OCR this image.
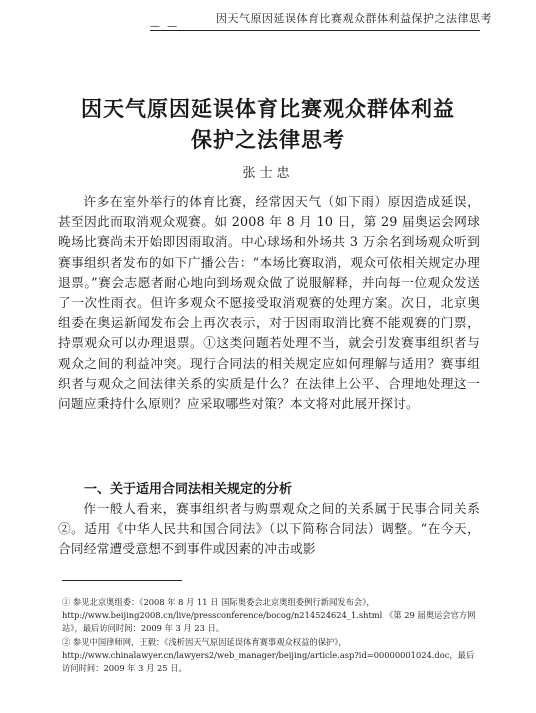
— —
因天气原因延误体育比赛观众群体利益保护之法律思考
因天气原因延误体育比赛观众群体利益
保护之法律思考
张士忠

许多在室外举行的体育比赛，经常因天气（如下雨）原因造成延误，甚至因此而取消观众观赛。如 2008 年 8 月 10 日，第 29 届奥运会网球晚场比赛尚未开始即因雨取消。中心球场和外场共 3 万余名到场观众听到赛事组织者发布的如下广播公告：“本场比赛取消，观众可依相关规定办理退票。”赛会志愿者耐心地向到场观众做了说服解释，并向每一位观众发送了一次性雨衣。但许多观众不愿接受取消观赛的处理方案。次日，北京奥组委在奥运新闻发布会上再次表示，对于因雨取消比赛不能观赛的门票，持票观众可以办理退票。①这类问题若处理不当，就会引发赛事组织者与观众之间的利益冲突。现行合同法的相关规定应如何理解与适用？赛事组织者与观众之间法律关系的实质是什么？在法律上公平、合理地处理这一问题应秉持什么原则？应采取哪些对策？本文将对此展开探讨。

一、关于适用合同法相关规定的分析

作一般人看来，赛事组织者与购票观众之间的关系属于民事合同关系②。适用《中华人民共和国合同法》（以下简称合同法）调整。“在今天，合同经常遭受意想不到事件或因素的冲击或影

① 参见北京奥组委：《2008 年 8 月 11 日 国际奥委会北京奥组委例行新闻发布会》，http://www.beijing2008.cn/live/pressconference/bocog/n214524624_1.shtml 《第 29 届奥运会官方网站》，最后访问时间：2009 年 3 月 23 日。

② 参见中国律师网，王毅：《浅析因天气原因延误体育赛事观众权益的保护》，http://www.chinalawyer.cn/lawyers2/web_manager/beijing/article.asp?id=00000001024.doc，最后访问时间：2009 年 3 月 25 日。
